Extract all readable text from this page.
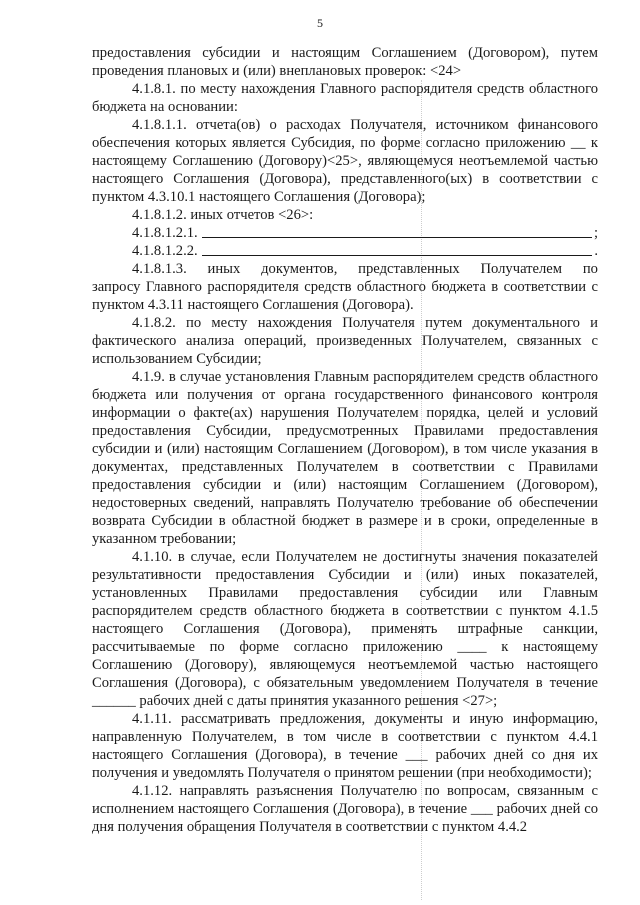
5

предоставления субсидии и настоящим Соглашением (Договором), путем проведения плановых и (или) внеплановых проверок: <24>

4.1.8.1. по месту нахождения Главного распорядителя средств областного бюджета на основании:

4.1.8.1.1. отчета(ов) о расходах Получателя, источником финансового обеспечения которых является Субсидия, по форме согласно приложению __ к настоящему Соглашению (Договору)<25>, являющемуся неотъемлемой частью настоящего Соглашения (Договора), представленного(ых) в соответствии с пунктом 4.3.10.1 настоящего Соглашения (Договора);

4.1.8.1.2. иных отчетов <26>:

4.1.8.1.2.1.	;
4.1.8.1.2.2.	.
4.1.8.1.3. иных документов, представленных Получателем по

запросу Главного распорядителя средств областного бюджета в соответствии с пунктом 4.3.11 настоящего Соглашения (Договора).

4.1.8.2. по месту нахождения Получателя путем документального и фактического анализа операций, произведенных Получателем, связанных с использованием Субсидии;

4.1.9. в случае установления Главным распорядителем средств областного бюджета или получения от органа государственного финансового контроля информации о факте(ах) нарушения Получателем порядка, целей и условий предоставления Субсидии, предусмотренных Правилами предоставления субсидии и (или) настоящим Соглашением (Договором), в том числе указания в документах, представленных Получателем в соответствии с Правилами предоставления субсидии и (или) настоящим Соглашением (Договором), недостоверных сведений, направлять Получателю требование об обеспечении возврата Субсидии в областной бюджет в размере и в сроки, определенные в указанном требовании;

4.1.10. в случае, если Получателем не достигнуты значения показателей результативности предоставления Субсидии и (или) иных показателей, установленных Правилами предоставления субсидии или Главным распорядителем средств областного бюджета в соответствии с пунктом 4.1.5 настоящего Соглашения (Договора), применять штрафные санкции, рассчитываемые по форме согласно приложению ____ к настоящему Соглашению (Договору), являющемуся неотъемлемой частью настоящего Соглашения (Договора), с обязательным уведомлением Получателя в течение ______ рабочих дней с даты принятия указанного решения <27>;

4.1.11. рассматривать предложения, документы и иную информацию, направленную Получателем, в том числе в соответствии с пунктом 4.4.1 настоящего Соглашения (Договора), в течение ___ рабочих дней со дня их получения и уведомлять Получателя о принятом решении (при необходимости);

4.1.12. направлять разъяснения Получателю по вопросам, связанным с исполнением настоящего Соглашения (Договора), в течение ___ рабочих дней со дня получения обращения Получателя в соответствии с пунктом 4.4.2
